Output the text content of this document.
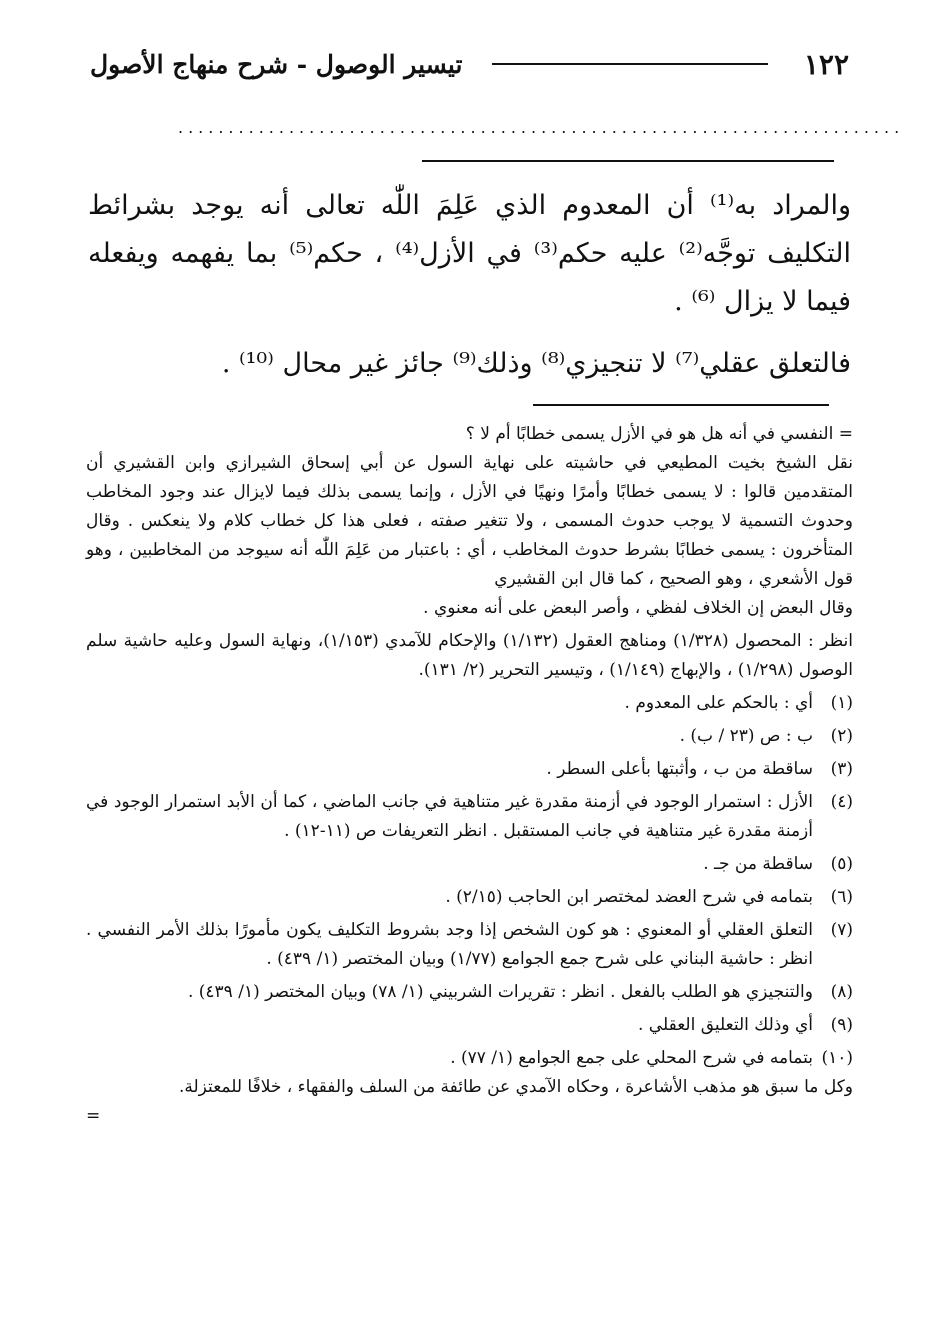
١٢٢
تيسير الوصول - شرح منهاج الأصول
........................................................................

والمراد به⁽¹⁾ أن المعدوم الذي عَلِمَ اللّٰه تعالى أنه يوجد بشرائط التكليف توجَّه⁽²⁾ عليه حكم⁽³⁾ في الأزل⁽⁴⁾ ، حكم⁽⁵⁾ بما يفهمه ويفعله فيما لا يزال ⁽⁶⁾ .

فالتعلق عقلي⁽⁷⁾ لا تنجيزي⁽⁸⁾ وذلك⁽⁹⁾ جائز غير محال ⁽¹⁰⁾ .

= النفسي في أنه هل هو في الأزل يسمى خطابًا أم لا ؟

نقل الشيخ بخيت المطيعي في حاشيته على نهاية السول عن أبي إسحاق الشيرازي وابن القشيري أن المتقدمين قالوا : لا يسمى خطابًا وأمرًا ونهيًا في الأزل ، وإنما يسمى بذلك فيما لايزال عند وجود المخاطب وحدوث التسمية لا يوجب حدوث المسمى ، ولا تتغير صفته ، فعلى هذا كل خطاب كلام ولا ينعكس . وقال المتأخرون : يسمى خطابًا بشرط حدوث المخاطب ، أي : باعتبار من عَلِمَ اللّٰه أنه سيوجد من المخاطبين ، وهو قول الأشعري ، وهو الصحيح ، كما قال ابن القشيري

وقال البعض إن الخلاف لفظي ، وأصر البعض على أنه معنوي .

انظر : المحصول (١/٣٢٨) ومناهج العقول (١/١٣٢) والإحكام للآمدي (١/١٥٣)، ونهاية السول وعليه حاشية سلم الوصول (١/٢٩٨) ، والإبهاج (١/١٤٩) ، وتيسير التحرير (٢/ ١٣١).

(١)
أي : بالحكم على المعدوم .
(٢)
ب : ص (٢٣ / ب) .
(٣)
ساقطة من ب ، وأثبتها بأعلى السطر .
(٤)
الأزل : استمرار الوجود في أزمنة مقدرة غير متناهية في جانب الماضي ، كما أن الأبد استمرار الوجود في أزمنة مقدرة غير متناهية في جانب المستقبل . انظر التعريفات ص (١١-١٢) .
(٥)
ساقطة من جـ .
(٦)
بتمامه في شرح العضد لمختصر ابن الحاجب (٢/١٥) .
(٧)
التعلق العقلي أو المعنوي : هو كون الشخص إذا وجد بشروط التكليف يكون مأمورًا بذلك الأمر النفسي . انظر : حاشية البناني على شرح جمع الجوامع (١/٧٧) وبيان المختصر (١/ ٤٣٩) .
(٨)
والتنجيزي هو الطلب بالفعل . انظر : تقريرات الشربيني (١/ ٧٨) وبيان المختصر (١/ ٤٣٩) .
(٩)
أي وذلك التعليق العقلي .
(١٠)
بتمامه في شرح المحلي على جمع الجوامع (١/ ٧٧) .

وكل ما سبق هو مذهب الأشاعرة ، وحكاه الآمدي عن طائفة من السلف والفقهاء ، خلافًا للمعتزلة.

=
